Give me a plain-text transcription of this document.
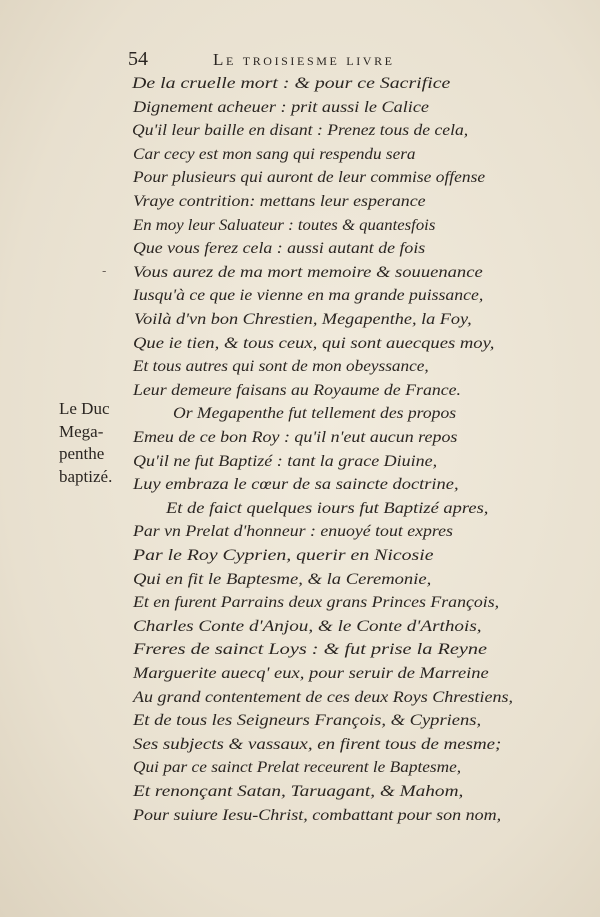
54	Le troisiesme livre
De la cruelle mort : & pour ce Sacrifice
Dignement acheuer : prit aussi le Calice
Qu'il leur baille en disant : Prenez tous de cela,
Car cecy est mon sang qui respendu sera
Pour plusieurs qui auront de leur commise offense
Vraye contrition: mettans leur esperance
En moy leur Saluateur : toutes & quantesfois
Que vous ferez cela : aussi autant de fois
Vous aurez de ma mort memoire & souuenance
Iusqu'à ce que ie vienne en ma grande puissance,
Voilà d'vn bon Chrestien, Megapenthe, la Foy,
Que ie tien, & tous ceux, qui sont auecques moy,
Et tous autres qui sont de mon obeyssance,
Leur demeure faisans au Royaume de France.
Or Megapenthe fut tellement des propos
Emeu de ce bon Roy : qu'il n'eut aucun repos
Qu'il ne fut Baptizé : tant la grace Diuine,
Luy embraza le cœur de sa saincte doctrine,
Et de faict quelques iours fut Baptizé apres,
Par vn Prelat d'honneur : enuoyé tout expres
Par le Roy Cyprien, querir en Nicosie
Qui en fit le Baptesme, & la Ceremonie,
Et en furent Parrains deux grans Princes François,
Charles Conte d'Anjou, & le Conte d'Arthois,
Freres de sainct Loys : & fut prise la Reyne
Marguerite auecq' eux, pour seruir de Marreine
Au grand contentement de ces deux Roys Chrestiens,
Et de tous les Seigneurs François, & Cypriens,
Ses subjects & vassaux, en firent tous de mesme;
Qui par ce sainct Prelat receurent le Baptesme,
Et renonçant Satan, Taruagant, & Mahom,
Pour suiure Iesu-Christ, combattant pour son nom,
-
Le Duc
Mega-
penthe
baptizé.
